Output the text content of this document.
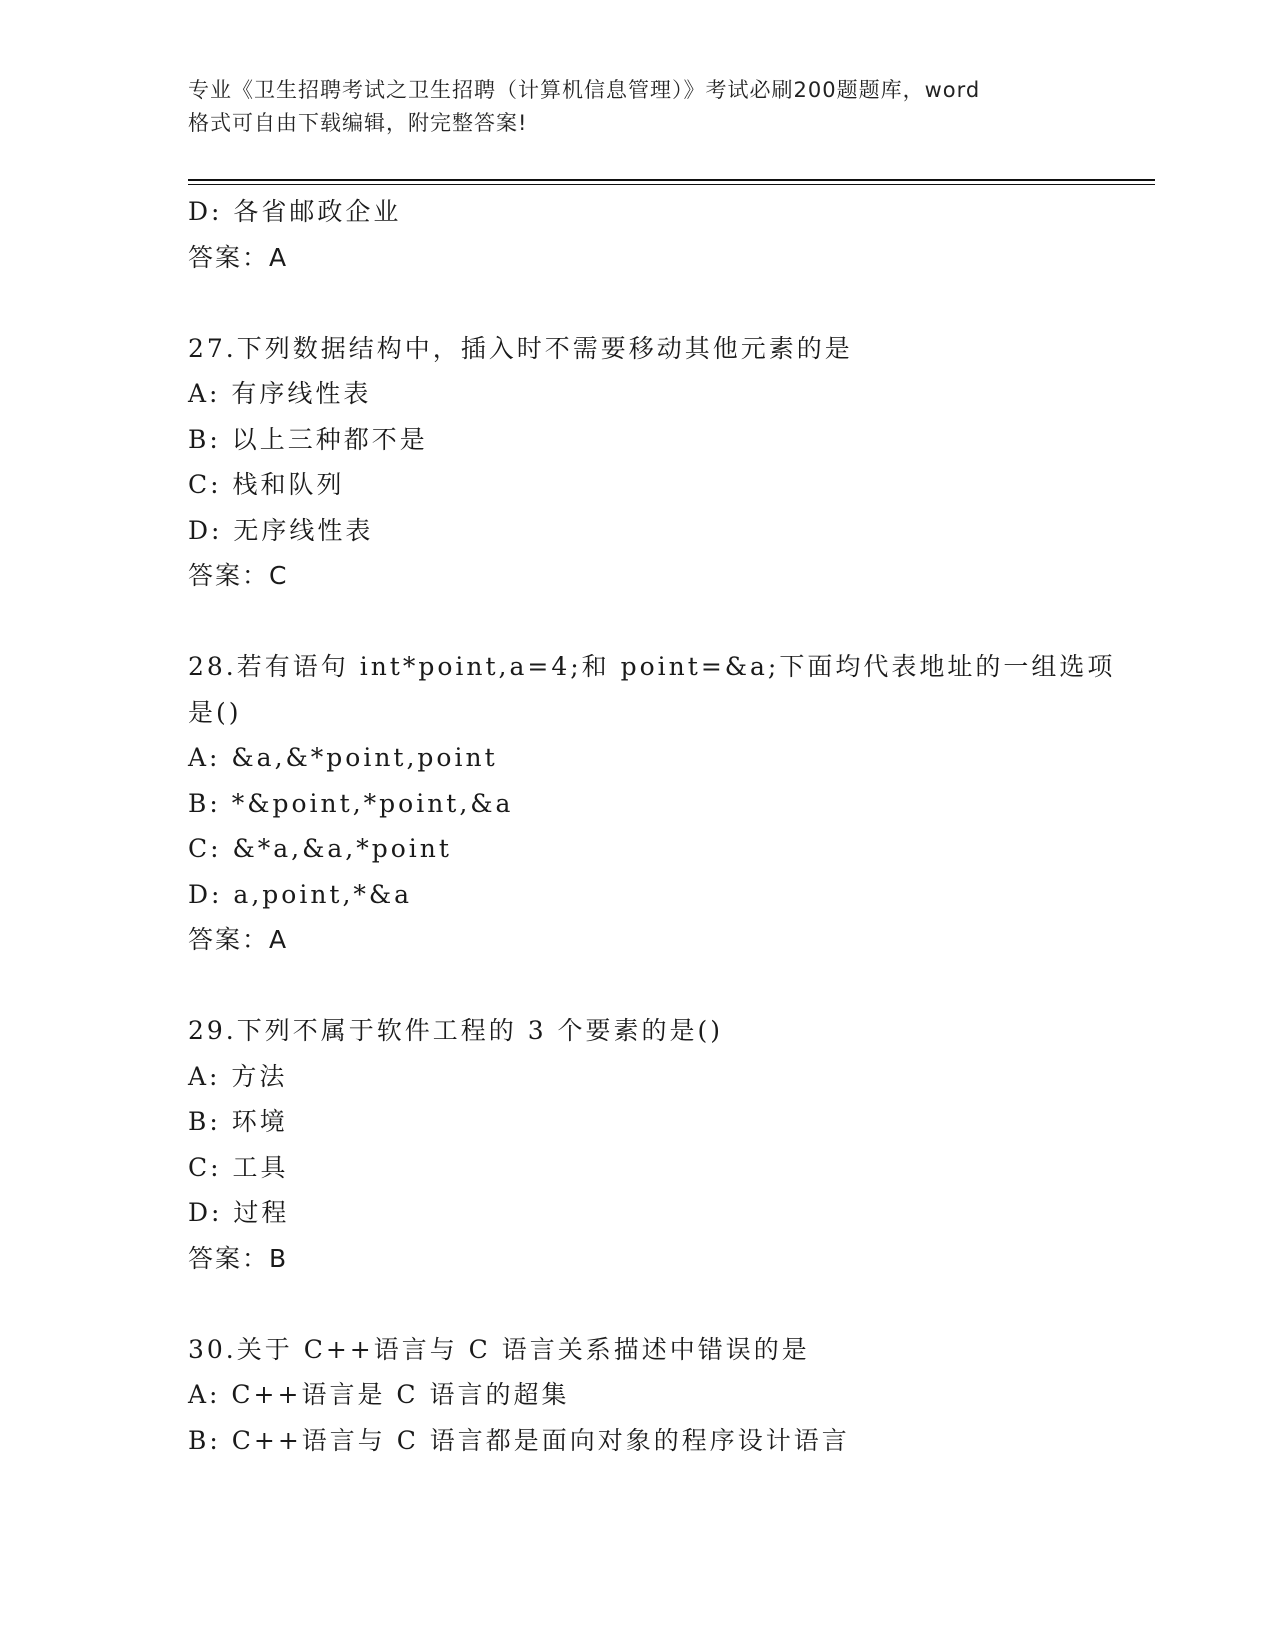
专业《卫生招聘考试之卫生招聘（计算机信息管理）》考试必刷200题题库，word
格式可自由下载编辑，附完整答案!
D: 各省邮政企业
答案：A
27.下列数据结构中，插入时不需要移动其他元素的是
A: 有序线性表
B: 以上三种都不是
C: 栈和队列
D: 无序线性表
答案：C
28.若有语句 int*point,a=4;和 point=&a;下面均代表地址的一组选项
是()
A: &a,&*point,point
B: *&point,*point,&a
C: &*a,&a,*point
D: a,point,*&a
答案：A
29.下列不属于软件工程的 3 个要素的是()
A: 方法
B: 环境
C: 工具
D: 过程
答案：B
30.关于 C++语言与 C 语言关系描述中错误的是
A: C++语言是 C 语言的超集
B: C++语言与 C 语言都是面向对象的程序设计语言
